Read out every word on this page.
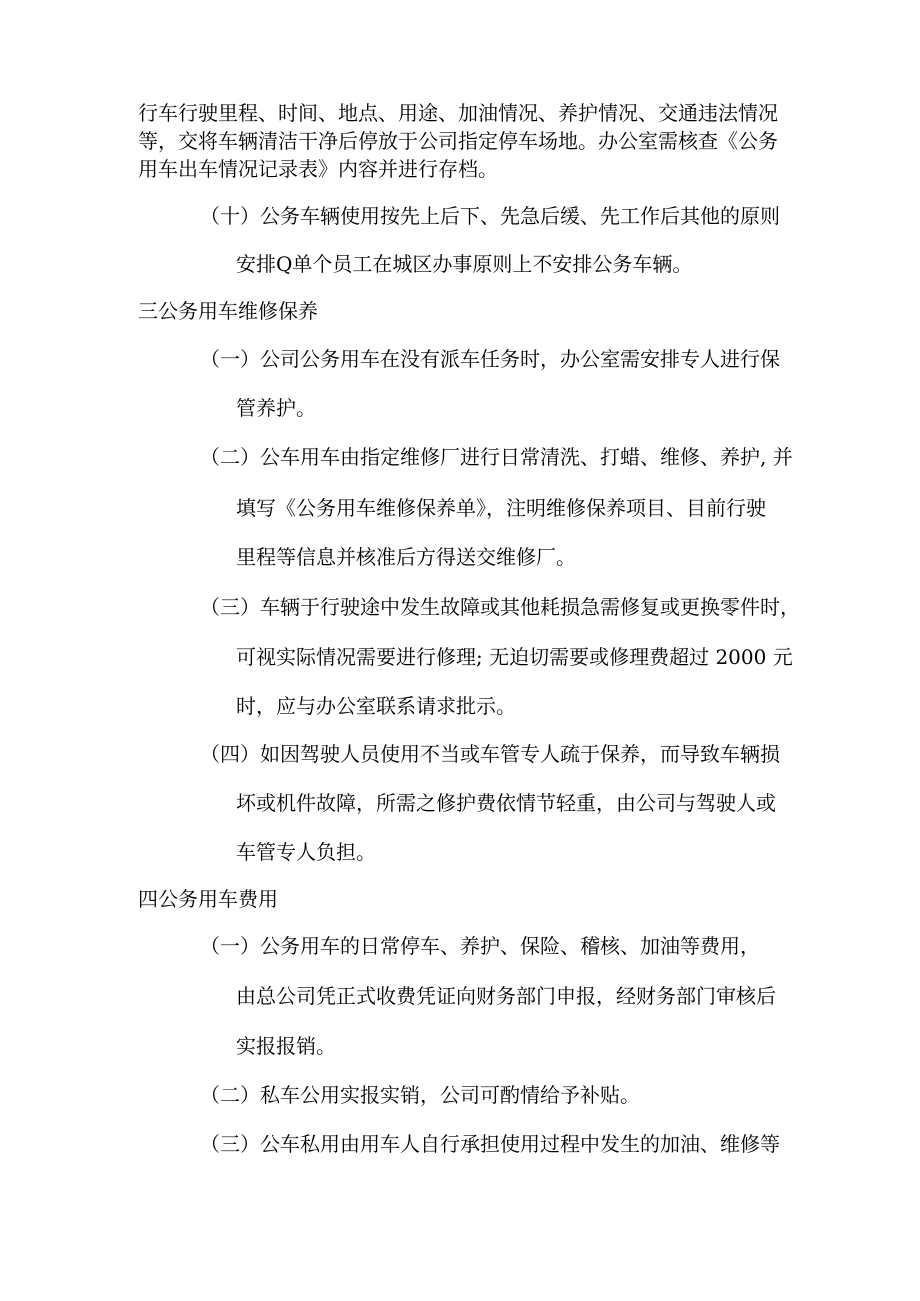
行车行驶里程、时间、地点、用途、加油情况、养护情况、交通违法情况
等，交将车辆清洁干净后停放于公司指定停车场地。办公室需核查《公务
用车出车情况记录表》内容并进行存档。
（十）公务车辆使用按先上后下、先急后缓、先工作后其他的原则
安排Q单个员工在城区办事原则上不安排公务车辆。
三公务用车维修保养
（一）公司公务用车在没有派车任务时，办公室需安排专人进行保
管养护。
（二）公车用车由指定维修厂进行日常清洗、打蜡、维修、养护, 并
填写《公务用车维修保养单》，注明维修保养项目、目前行驶
里程等信息并核准后方得送交维修厂。
（三）车辆于行驶途中发生故障或其他耗损急需修复或更换零件时，
可视实际情况需要进行修理; 无迫切需要或修理费超过 2000 元
时，应与办公室联系请求批示。
（四）如因驾驶人员使用不当或车管专人疏于保养，而导致车辆损
坏或机件故障，所需之修护费依情节轻重，由公司与驾驶人或
车管专人负担。
四公务用车费用
（一）公务用车的日常停车、养护、保险、稽核、加油等费用，
由总公司凭正式收费凭证向财务部门申报，经财务部门审核后
实报报销。
（二）私车公用实报实销，公司可酌情给予补贴。
（三）公车私用由用车人自行承担使用过程中发生的加油、维修等
